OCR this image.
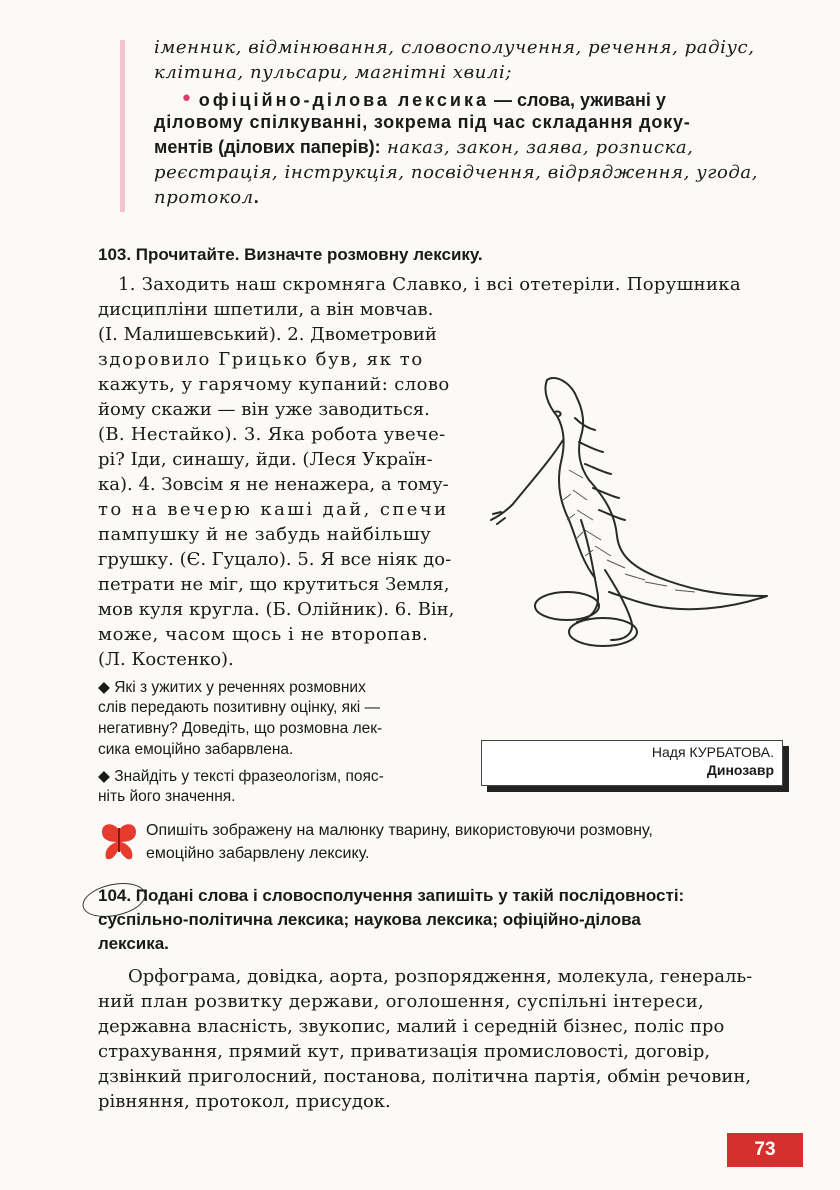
іменник, відмінювання, словосполучення, речення, радіус,
клітина, пульсари, магнітні хвилі;
• офіційно-ділова лексика — слова, уживані у
діловому спілкуванні, зокрема під час складання доку-
ментів (ділових паперів): наказ, закон, заява, розписка,
реєстрація, інструкція, посвідчення, відрядження, угода,
протокол.
103. Прочитайте. Визначте розмовну лексику.
1. Заходить наш скромняга Славко, і всі отетеріли. Порушника
дисципліни шпетили, а він мовчав.
(І. Малишевський). 2. Двометровий
здоровило Грицько був, як то
кажуть, у гарячому купаний: слово
йому скажи — він уже заводиться.
(В. Нестайко). 3. Яка робота увече-
рі? Іди, синашу, йди. (Леся Україн-
ка). 4. Зовсім я не ненажера, а тому-
то на вечерю каші дай, спечи
пампушку й не забудь найбільшу
грушку. (Є. Гуцало). 5. Я все ніяк до-
петрати не міг, що крутиться Земля,
мов куля кругла. (Б. Олійник). 6. Він,
може, часом щось і не второпав.
(Л. Костенко).
◆ Які з ужитих у реченнях розмовних
слів передають позитивну оцінку, які —
негативну? Доведіть, що розмовна лек-
сика емоційно забарвлена.
◆ Знайдіть у тексті фразеологізм, пояс-
ніть його значення.
Надя КУРБАТОВА.
Динозавр
Опишіть зображену на малюнку тварину, використовуючи розмовну,
емоційно забарвлену лексику.
104. Подані слова і словосполучення запишіть у такій послідовності:
суспільно-політична лексика; наукова лексика; офіційно-ділова
лексика.
Орфограма, довідка, аорта, розпорядження, молекула, генераль-
ний план розвитку держави, оголошення, суспільні інтереси,
державна власність, звукопис, малий і середній бізнес, поліс про
страхування, прямий кут, приватизація промисловості, договір,
дзвінкий приголосний, постанова, політична партія, обмін речовин,
рівняння, протокол, присудок.
73
